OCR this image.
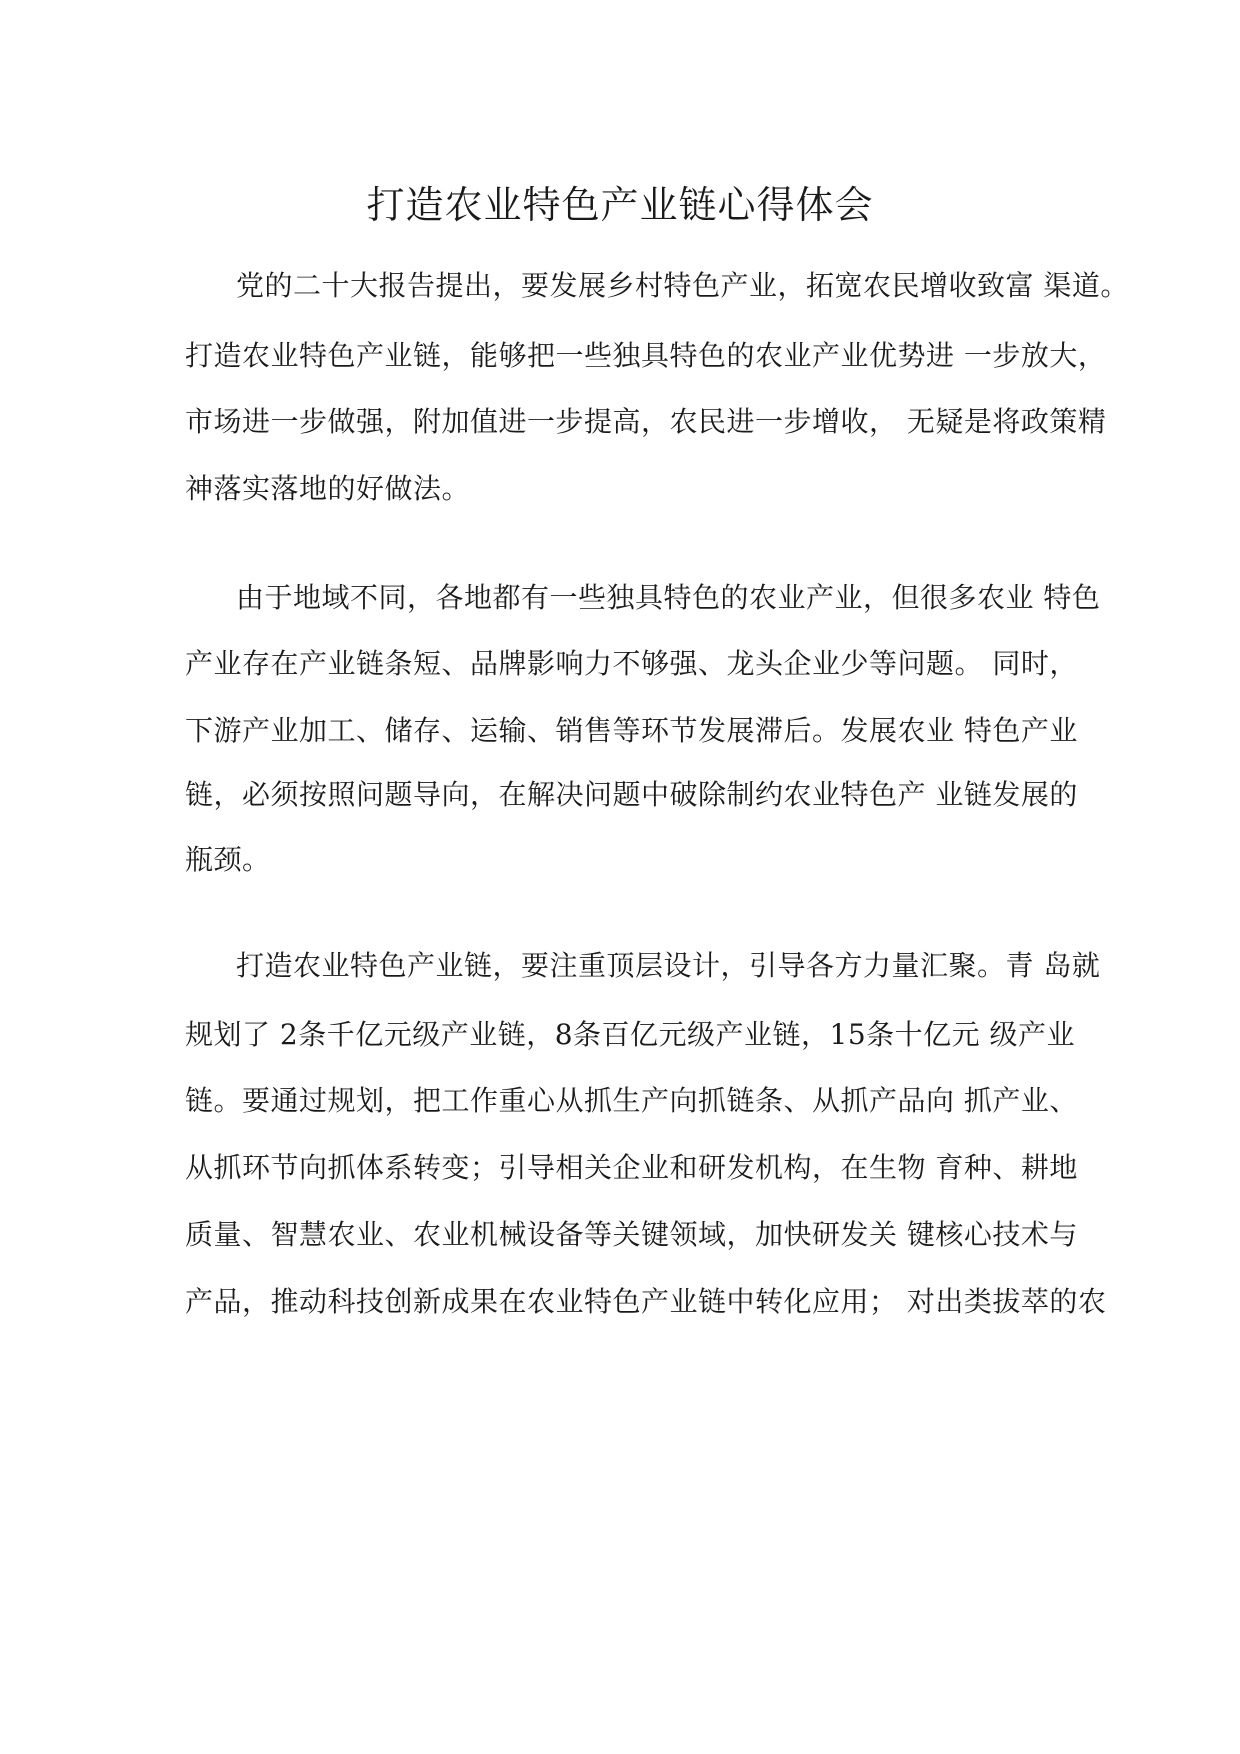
打造农业特色产业链心得体会
党的二十大报告提出，要发展乡村特色产业，拓宽农民增收致富 渠道。
打造农业特色产业链，能够把一些独具特色的农业产业优势进 一步放大，
市场进一步做强，附加值进一步提高，农民进一步增收， 无疑是将政策精
神落实落地的好做法。
由于地域不同，各地都有一些独具特色的农业产业，但很多农业 特色
产业存在产业链条短、品牌影响力不够强、龙头企业少等问题。 同时，
下游产业加工、储存、运输、销售等环节发展滞后。发展农业 特色产业
链，必须按照问题导向，在解决问题中破除制约农业特色产 业链发展的
瓶颈。
打造农业特色产业链，要注重顶层设计，引导各方力量汇聚。青 岛就
规划了 2条千亿元级产业链，8条百亿元级产业链，15条十亿元 级产业
链。要通过规划，把工作重心从抓生产向抓链条、从抓产品向 抓产业、
从抓环节向抓体系转变；引导相关企业和研发机构，在生物 育种、耕地
质量、智慧农业、农业机械设备等关键领域，加快研发关 键核心技术与
产品，推动科技创新成果在农业特色产业链中转化应用； 对出类拔萃的农
